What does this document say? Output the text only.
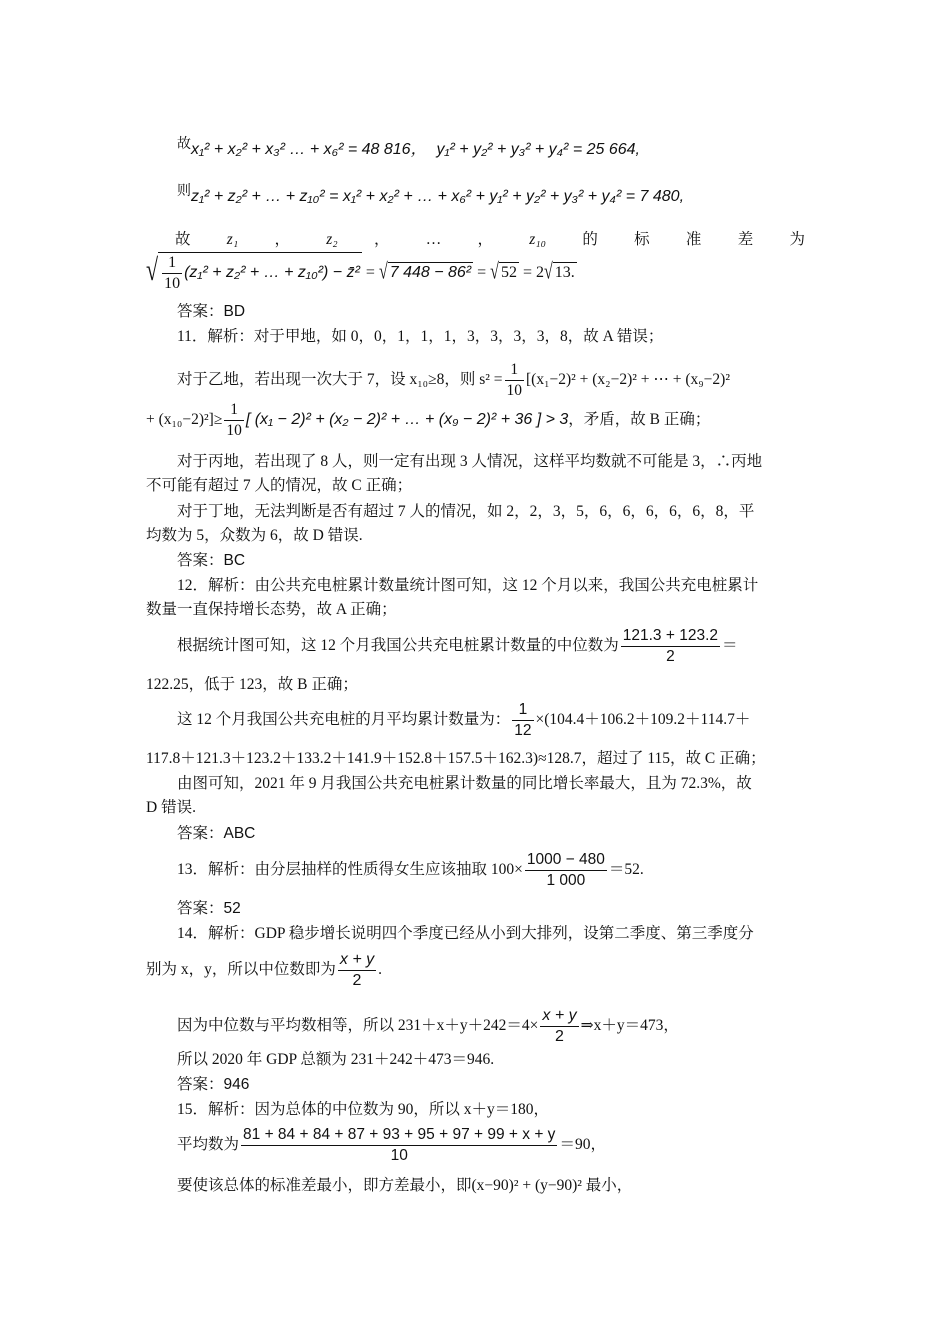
故x₁² + x₂² + x₃² … + x₆² = 48 816， y₁² + y₂² + y₃² + y₄² = 25 664,
则z₁² + z₂² + … + z₁₀² = x₁² + x₂² + … + x₆² + y₁² + y₂² + y₃² + y₄² = 7 480,
故 z₁ ， z₂ ， … ， z₁₀ 的 标 准 差 为
√ $\frac{1}{10} (z_1^2 + z_2^2$ + … + z₁₀²) − z̄² = √ 7 448 − 86² = √ 52 = 2√ 13.
答案：BD
11．解析：对于甲地，如 0，0，1，1，1，3，3，3，3，8，故 A 错误；
对于乙地，若出现一次大于 7，设 x₁₀≥8，则 $s^2 = \frac{1}{10} [(x_1-2)^2 + (x_2-2)^2$ + ⋯ + (x₉−2)²
+ $(x_{10}-2)^2]\ge \frac{1}{10}$ [ (x₁ − 2)² + (x₂ − 2)² + … + (x₉ − 2)² + 36 ] > 3，矛盾，故 B 正确；
对于丙地，若出现了 8 人，则一定有出现 3 人情况，这样平均数就不可能是 3，∴丙地
不可能有超过 7 人的情况，故 C 正确；
对于丁地，无法判断是否有超过 7 人的情况，如 2，2，3，5，6，6，6，6，6，8，平
均数为 5，众数为 6，故 D 错误.
答案：BC
12．解析：由公共充电桩累计数量统计图可知，这 12 个月以来，我国公共充电桩累计
数量一直保持增长态势，故 A 正确；
根据统计图可知，这 12 个月我国公共充电桩累计数量的中位数为 $\frac{121.3 + 123.2}{2}$ ＝
122.25，低于 123，故 B 正确；
这 12 个月我国公共充电桩的月平均累计数量为： $\frac{1}{12} \times(104.4+106.2+109.2+114.7+$
117.8＋121.3＋123.2＋133.2＋141.9＋152.8＋157.5＋162.3)≈128.7，超过了 115，故 C 正确；
由图可知，2021 年 9 月我国公共充电桩累计数量的同比增长率最大，且为 72.3%，故
D 错误.
答案：ABC
13．解析：由分层抽样的性质得女生应该抽取 $100\times \frac{1000 - 480}{1 000} =52$.
答案：52
14．解析：GDP 稳步增长说明四个季度已经从小到大排列，设第二季度、第三季度分
别为 x，y，所以中位数即为 $\frac{x + y}{2}$ .
因为中位数与平均数相等，所以 $231+x+y+242=4\times \frac{x + y}{2}$ ⇒x＋y＝473，
所以 2020 年 GDP 总额为 231＋242＋473＝946.
答案：946
15．解析：因为总体的中位数为 90，所以 x＋y＝180，
平均数为 $\frac{81 + 84 + 84 + 87 + 93 + 95 + 97 + 99 + x + y}{10} =90$，
要使该总体的标准差最小，即方差最小，即(x−90)² + (y−90)² 最小，
